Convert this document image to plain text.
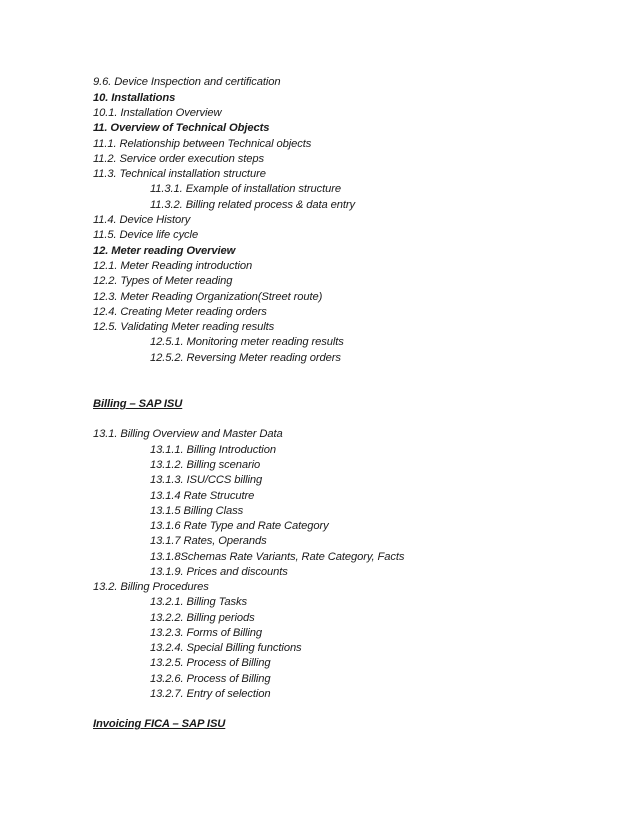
9.6. Device Inspection and certification
10. Installations
10.1. Installation Overview
11. Overview of Technical Objects
11.1. Relationship between Technical objects
11.2. Service order execution steps
11.3. Technical installation structure
11.3.1. Example of installation structure
11.3.2. Billing related process & data entry
11.4. Device History
11.5. Device life cycle
12. Meter reading Overview
12.1. Meter Reading introduction
12.2. Types of Meter reading
12.3. Meter Reading Organization(Street route)
12.4. Creating Meter reading orders
12.5. Validating Meter reading results
12.5.1. Monitoring meter reading results
12.5.2. Reversing Meter reading orders
Billing – SAP ISU
13.1. Billing Overview and Master Data
13.1.1. Billing Introduction
13.1.2. Billing scenario
13.1.3. ISU/CCS billing
13.1.4 Rate Strucutre
13.1.5 Billing Class
13.1.6 Rate Type and Rate Category
13.1.7 Rates, Operands
13.1.8Schemas Rate Variants, Rate Category, Facts
13.1.9. Prices and discounts
13.2. Billing Procedures
13.2.1. Billing Tasks
13.2.2. Billing periods
13.2.3. Forms of Billing
13.2.4. Special Billing functions
13.2.5. Process of Billing
13.2.6. Process of Billing
13.2.7. Entry of selection
Invoicing FICA – SAP ISU
